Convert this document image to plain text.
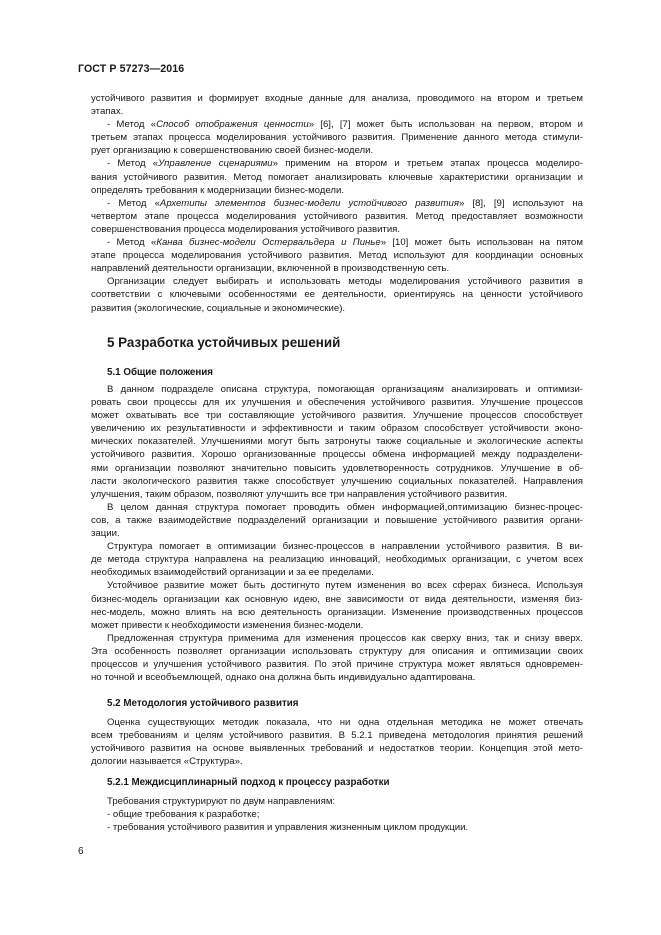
ГОСТ Р 57273—2016

устойчивого развития и формирует входные данные для анализа, проводимого на втором и третьем
этапах.

- Метод «Способ отображения ценности» [6], [7] может быть использован на первом, втором и
третьем этапах процесса моделирования устойчивого развития. Применение данного метода стимули-
рует организацию к совершенствованию своей бизнес-модели.

- Метод «Управление сценариями» применим на втором и третьем этапах процесса моделиро-
вания устойчивого развития. Метод помогает анализировать ключевые характеристики организации и
определять требования к модернизации бизнес-модели.

- Метод «Архетипы элементов бизнес-модели устойчивого развития» [8], [9] используют на
четвертом этапе процесса моделирования устойчивого развития. Метод предоставляет возможности
совершенствования процесса моделирования устойчивого развития.

- Метод «Канва бизнес-модели Остервальдера и Пинье» [10] может быть использован на пятом
этапе процесса моделирования устойчивого развития. Метод используют для координации основных
направлений деятельности организации, включенной в производственную сеть.

Организации следует выбирать и использовать методы моделирования устойчивого развития в
соответствии с ключевыми особенностями ее деятельности, ориентируясь на ценности устойчивого
развития (экологические, социальные и экономические).

5 Разработка устойчивых решений
5.1 Общие положения

В данном подразделе описана структура, помогающая организациям анализировать и оптимизи-
ровать свои процессы для их улучшения и обеспечения устойчивого развития. Улучшение процессов
может охватывать все три составляющие устойчивого развития. Улучшение процессов способствует
увеличению их результативности и эффективности и таким образом способствует устойчивости эконо-
мических показателей. Улучшениями могут быть затронуты также социальные и экологические аспекты
устойчивого развития. Хорошо организованные процессы обмена информацией между подразделени-
ями организации позволяют значительно повысить удовлетворенность сотрудников. Улучшение в об-
ласти экологического развития также способствует улучшению социальных показателей. Направления
улучшения, таким образом, позволяют улучшить все три направления устойчивого развития.

В целом данная структура помогает проводить обмен информацией,оптимизацию бизнес-процес-
сов, а также взаимодействие подразделений организации и повышение устойчивого развития органи-
зации.

Структура помогает в оптимизации бизнес-процессов в направлении устойчивого развития. В ви-
де метода структура направлена на реализацию инноваций, необходимых организации, с учетом всех
необходимых взаимодействий организации и за ее пределами.

Устойчивое развитие может быть достигнуто путем изменения во всех сферах бизнеса. Используя
бизнес-модель организации как основную идею, вне зависимости от вида деятельности, изменяя биз-
нес-модель, можно влиять на всю деятельность организации. Изменение производственных процессов
может привести к необходимости изменения бизнес-модели.

Предложенная структура применима для изменения процессов как сверху вниз, так и снизу вверх.
Эта особенность позволяет организации использовать структуру для описания и оптимизации своих
процессов и улучшения устойчивого развития. По этой причине структура может являться одновремен-
но точной и всеобъемлющей, однако она должна быть индивидуально адаптирована.

5.2 Методология устойчивого развития

Оценка существующих методик показала, что ни одна отдельная методика не может отвечать
всем требованиям и целям устойчивого развития. В 5.2.1 приведена методология принятия решений
устойчивого развития на основе выявленных требований и недостатков теории. Концепция этой мето-
дологии называется «Структура».

5.2.1 Междисциплинарный подход к процессу разработки
Требования структурируют по двум направлениям:
- общие требования к разработке;
- требования устойчивого развития и управления жизненным циклом продукции.
6
